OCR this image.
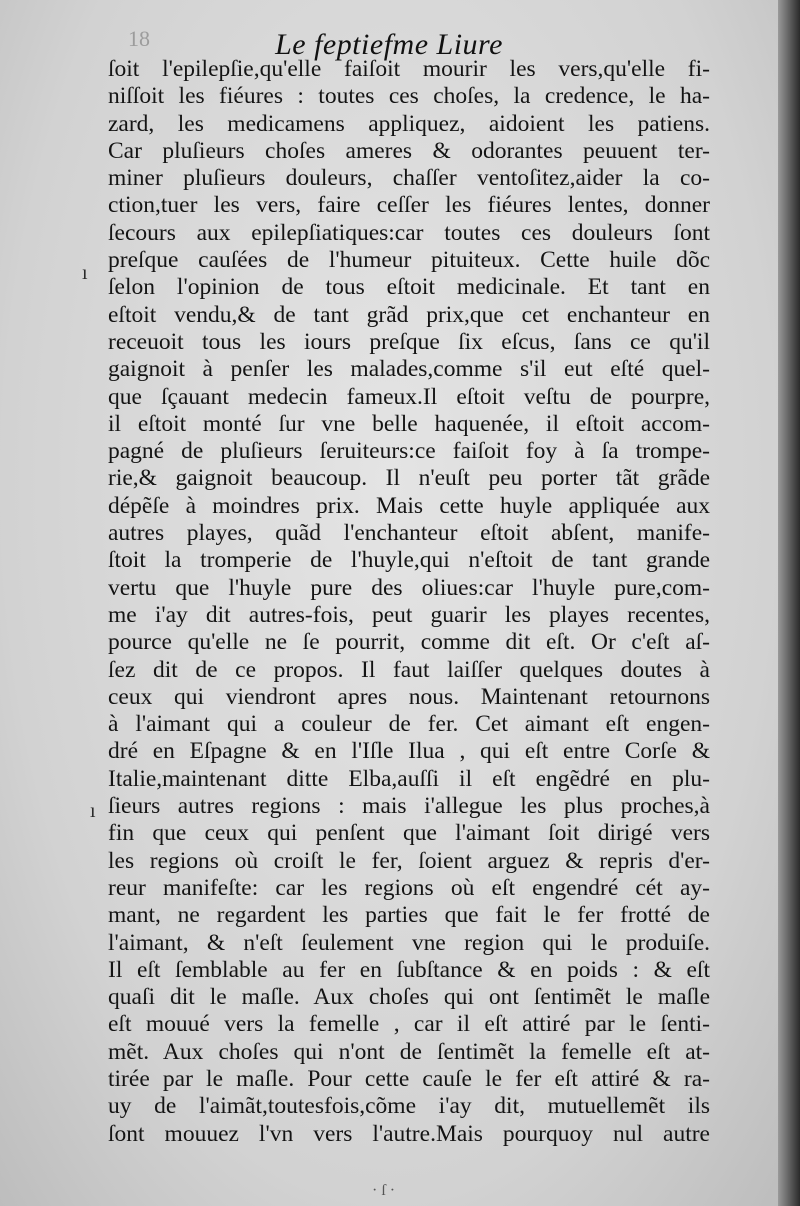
18	Le feptiefme Liure
ı
ı
ſoit l'epilepſie,qu'elle faiſoit mourir les vers,qu'elle fi-
niſſoit les fiéures : toutes ces choſes, la credence, le ha-
zard, les medicamens appliquez, aidoient les patiens.
Car pluſieurs choſes ameres & odorantes peuuent ter-
miner pluſieurs douleurs, chaſſer ventoſitez,aider la co-
ction,tuer les vers, faire ceſſer les fiéures lentes, donner
ſecours aux epilepſiatiques:car toutes ces douleurs ſont
preſque cauſées de l'humeur pituiteux. Cette huile dõc
ſelon l'opinion de tous eſtoit medicinale. Et tant en
eſtoit vendu,& de tant grãd prix,que cet enchanteur en
receuoit tous les iours preſque ſix eſcus, ſans ce qu'il
gaignoit à penſer les malades,comme s'il eut eſté quel-
que ſçauant medecin fameux.Il eſtoit veſtu de pourpre,
il eſtoit monté ſur vne belle haquenée, il eſtoit accom-
pagné de pluſieurs ſeruiteurs:ce faiſoit foy à ſa trompe-
rie,& gaignoit beaucoup. Il n'euſt peu porter tãt grãde
dépẽſe à moindres prix. Mais cette huyle appliquée aux
autres playes, quãd l'enchanteur eſtoit abſent, manife-
ſtoit la tromperie de l'huyle,qui n'eſtoit de tant grande
vertu que l'huyle pure des oliues:car l'huyle pure,com-
me i'ay dit autres-fois, peut guarir les playes recentes,
pource qu'elle ne ſe pourrit, comme dit eſt. Or c'eſt aſ-
ſez dit de ce propos. Il faut laiſſer quelques doutes à
ceux qui viendront apres nous. Maintenant retournons
à l'aimant qui a couleur de fer. Cet aimant eſt engen-
dré en Eſpagne & en l'Iſle Ilua , qui eſt entre Corſe &
Italie,maintenant ditte Elba,auſſi il eſt engẽdré en plu-
ſieurs autres regions : mais i'allegue les plus proches,à
fin que ceux qui penſent que l'aimant ſoit dirigé vers
les regions où croiſt le fer, ſoient arguez & repris d'er-
reur manifeſte: car les regions où eſt engendré cét ay-
mant, ne regardent les parties que fait le fer frotté de
l'aimant, & n'eſt ſeulement vne region qui le produiſe.
Il eſt ſemblable au fer en ſubſtance & en poids : & eſt
quaſi dit le maſle. Aux choſes qui ont ſentimẽt le maſle
eſt mouué vers la femelle , car il eſt attiré par le ſenti-
mẽt. Aux choſes qui n'ont de ſentimẽt la femelle eſt at-
tirée par le maſle. Pour cette cauſe le fer eſt attiré & ra-
uy de l'aimãt,toutesfois,cõme i'ay dit, mutuellemẽt ils
ſont mouuez l'vn vers l'autre.Mais pourquoy nul autre
· ſ ·
